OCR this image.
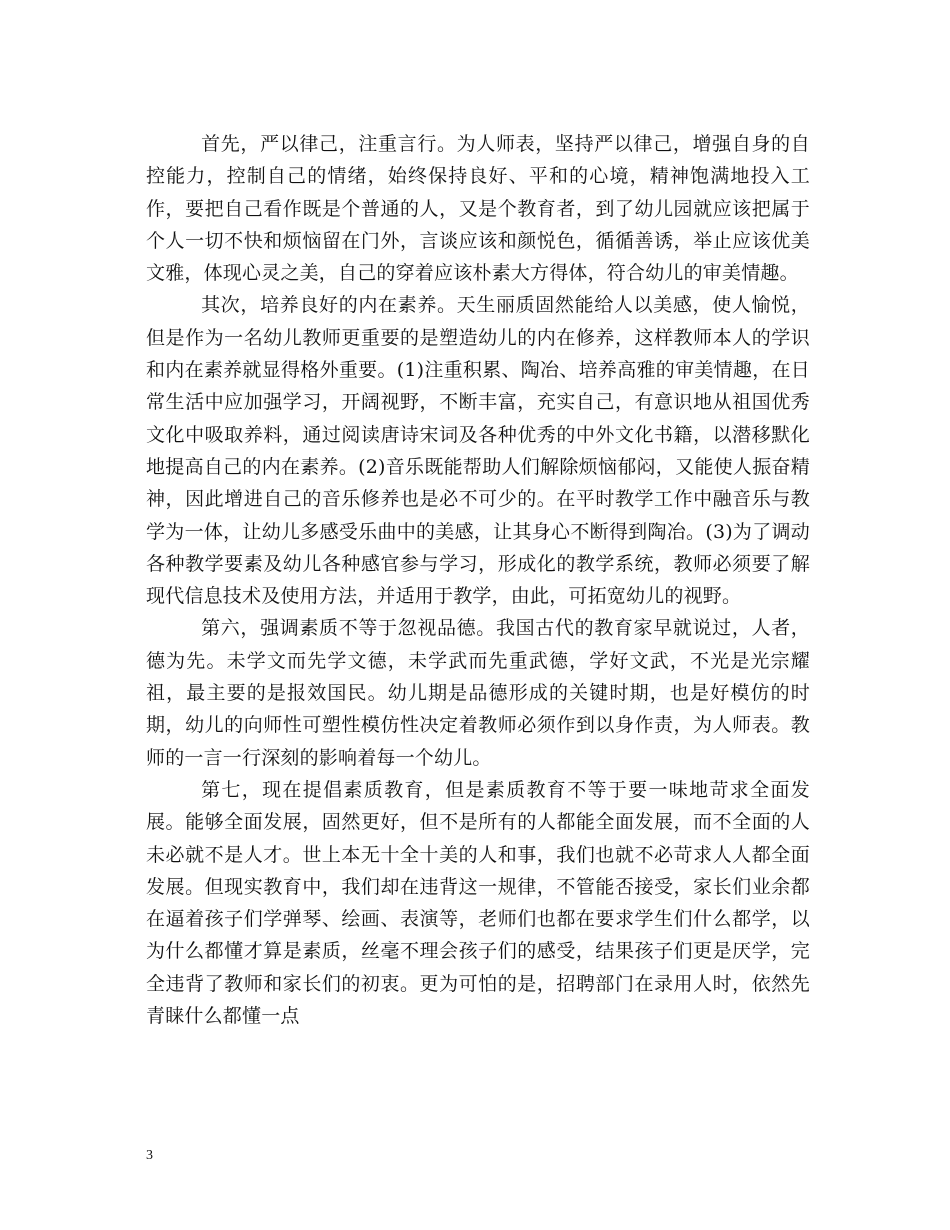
首先，严以律己，注重言行。为人师表，坚持严以律己，增强自身的自控能力，控制自己的情绪，始终保持良好、平和的心境，精神饱满地投入工作，要把自己看作既是个普通的人，又是个教育者，到了幼儿园就应该把属于个人一切不快和烦恼留在门外，言谈应该和颜悦色，循循善诱，举止应该优美文雅，体现心灵之美，自己的穿着应该朴素大方得体，符合幼儿的审美情趣。

其次，培养良好的内在素养。天生丽质固然能给人以美感，使人愉悦，但是作为一名幼儿教师更重要的是塑造幼儿的内在修养，这样教师本人的学识和内在素养就显得格外重要。(1)注重积累、陶冶、培养高雅的审美情趣，在日常生活中应加强学习，开阔视野，不断丰富，充实自己，有意识地从祖国优秀文化中吸取养料，通过阅读唐诗宋词及各种优秀的中外文化书籍，以潜移默化地提高自己的内在素养。(2)音乐既能帮助人们解除烦恼郁闷，又能使人振奋精神，因此增进自己的音乐修养也是必不可少的。在平时教学工作中融音乐与教学为一体，让幼儿多感受乐曲中的美感，让其身心不断得到陶冶。(3)为了调动各种教学要素及幼儿各种感官参与学习，形成化的教学系统，教师必须要了解现代信息技术及使用方法，并适用于教学，由此，可拓宽幼儿的视野。

第六，强调素质不等于忽视品德。我国古代的教育家早就说过，人者，德为先。未学文而先学文德，未学武而先重武德，学好文武，不光是光宗耀祖，最主要的是报效国民。幼儿期是品德形成的关键时期，也是好模仿的时期，幼儿的向师性可塑性模仿性决定着教师必须作到以身作责，为人师表。教师的一言一行深刻的影响着每一个幼儿。

第七，现在提倡素质教育，但是素质教育不等于要一味地苛求全面发展。能够全面发展，固然更好，但不是所有的人都能全面发展，而不全面的人未必就不是人才。世上本无十全十美的人和事，我们也就不必苛求人人都全面发展。但现实教育中，我们却在违背这一规律，不管能否接受，家长们业余都在逼着孩子们学弹琴、绘画、表演等，老师们也都在要求学生们什么都学，以为什么都懂才算是素质，丝毫不理会孩子们的感受，结果孩子们更是厌学，完全违背了教师和家长们的初衷。更为可怕的是，招聘部门在录用人时，依然先青睐什么都懂一点

3
